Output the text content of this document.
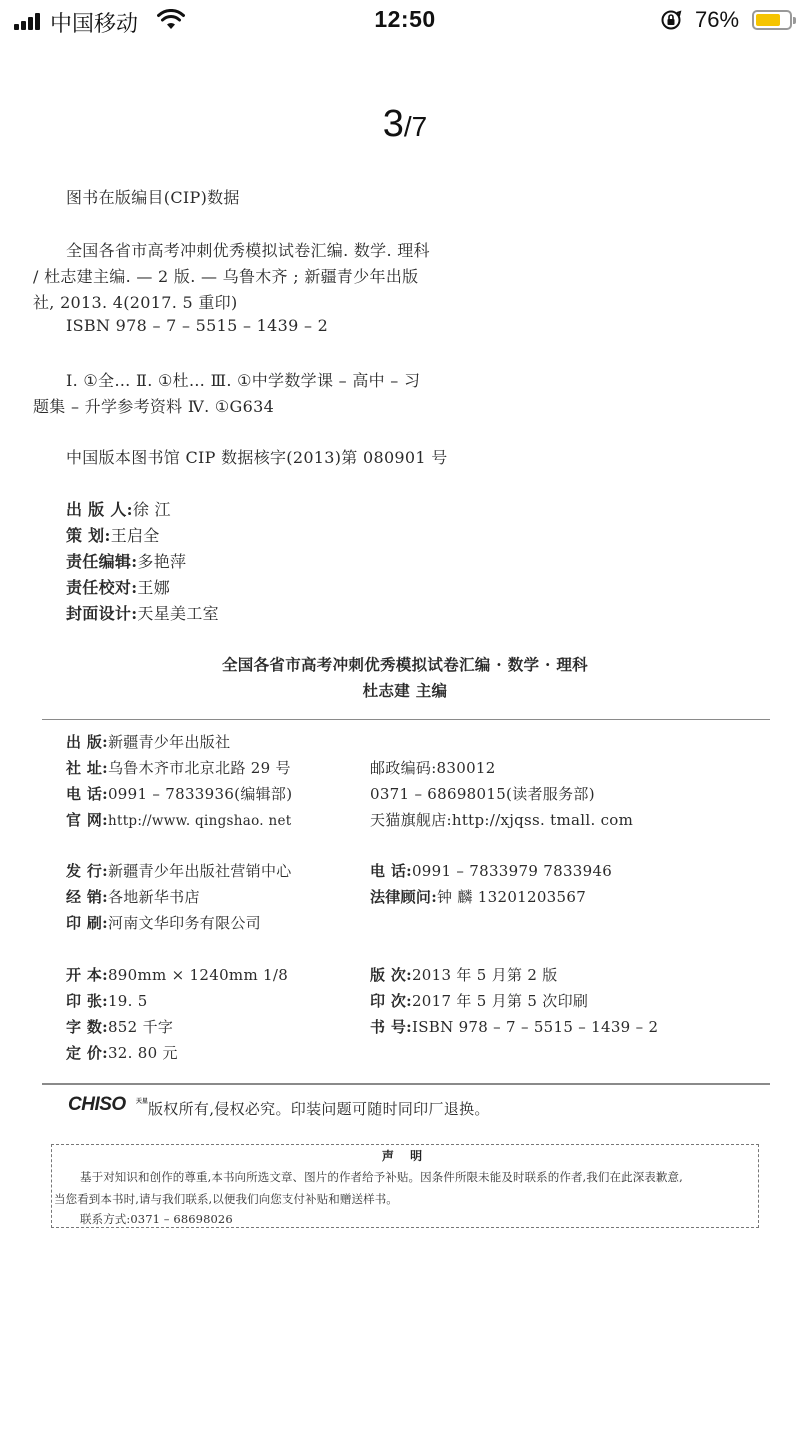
中国移动	12:50	76%
3/7
图书在版编目(CIP)数据
全国各省市高考冲刺优秀模拟试卷汇编. 数学. 理科
/ 杜志建主编. — 2 版. — 乌鲁木齐 ; 新疆青少年出版
社, 2013. 4(2017. 5 重印)
ISBN 978 – 7 – 5515 – 1439 – 2
Ⅰ. ①全… Ⅱ. ①杜… Ⅲ. ①中学数学课 – 高中 – 习
题集 – 升学参考资料 Ⅳ. ①G634
中国版本图书馆 CIP 数据核字(2013)第 080901 号
出 版 人:徐 江
策 划:王启全
责任编辑:多艳萍
责任校对:王娜
封面设计:天星美工室
全国各省市高考冲刺优秀模拟试卷汇编 · 数学 · 理科
杜志建 主编
出 版:新疆青少年出版社
社 址:乌鲁木齐市北京北路 29 号	邮政编码:830012
电 话:0991 – 7833936(编辑部)	0371 – 68698015(读者服务部)
官 网:http://www. qingshao. net	天猫旗舰店:http://xjqss. tmall. com
发 行:新疆青少年出版社营销中心	电 话:0991 – 7833979 7833946
经 销:各地新华书店	法律顾问:钟 麟 13201203567
印 刷:河南文华印务有限公司
开 本:890mm × 1240mm 1/8	版 次:2013 年 5 月第 2 版
印 张:19. 5	印 次:2017 年 5 月第 5 次印刷
字 数:852 千字	书 号:ISBN 978 – 7 – 5515 – 1439 – 2
定 价:32. 80 元
CHISO 天星 版权所有,侵权必究。印装问题可随时同印厂退换。
声 明
基于对知识和创作的尊重,本书向所选文章、图片的作者给予补贴。因条件所限未能及时联系的作者,我们在此深表歉意,
当您看到本书时,请与我们联系,以便我们向您支付补贴和赠送样书。
联系方式:0371 – 68698026
